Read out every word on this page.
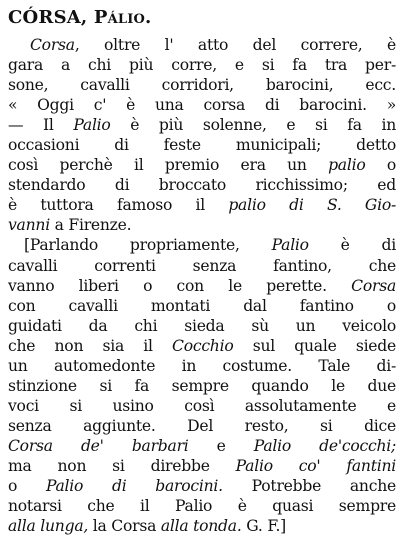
CÓRSA, Pálio.
Corsa, oltre l' atto del correre, è
gara a chi più corre, e si fa tra per-
sone, cavalli corridori, barocini, ecc.
« Oggi c' è una corsa di barocini. »
— Il Palio è più solenne, e si fa in
occasioni di feste municipali; detto
così perchè il premio era un palio o
stendardo di broccato ricchissimo; ed
è tuttora famoso il palio di S. Gio-
vanni a Firenze.
[Parlando propriamente, Palio è di
cavalli correnti senza fantino, che
vanno liberi o con le perette. Corsa
con cavalli montati dal fantino o
guidati da chi sieda sù un veicolo
che non sia il Cocchio sul quale siede
un automedonte in costume. Tale di-
stinzione si fa sempre quando le due
voci si usino così assolutamente e
senza aggiunte. Del resto, si dice
Corsa de' barbari e Palio de'cocchi;
ma non si direbbe Palio co' fantini
o Palio di barocini. Potrebbe anche
notarsi che il Palio è quasi sempre
alla lunga, la Corsa alla tonda. G. F.]
